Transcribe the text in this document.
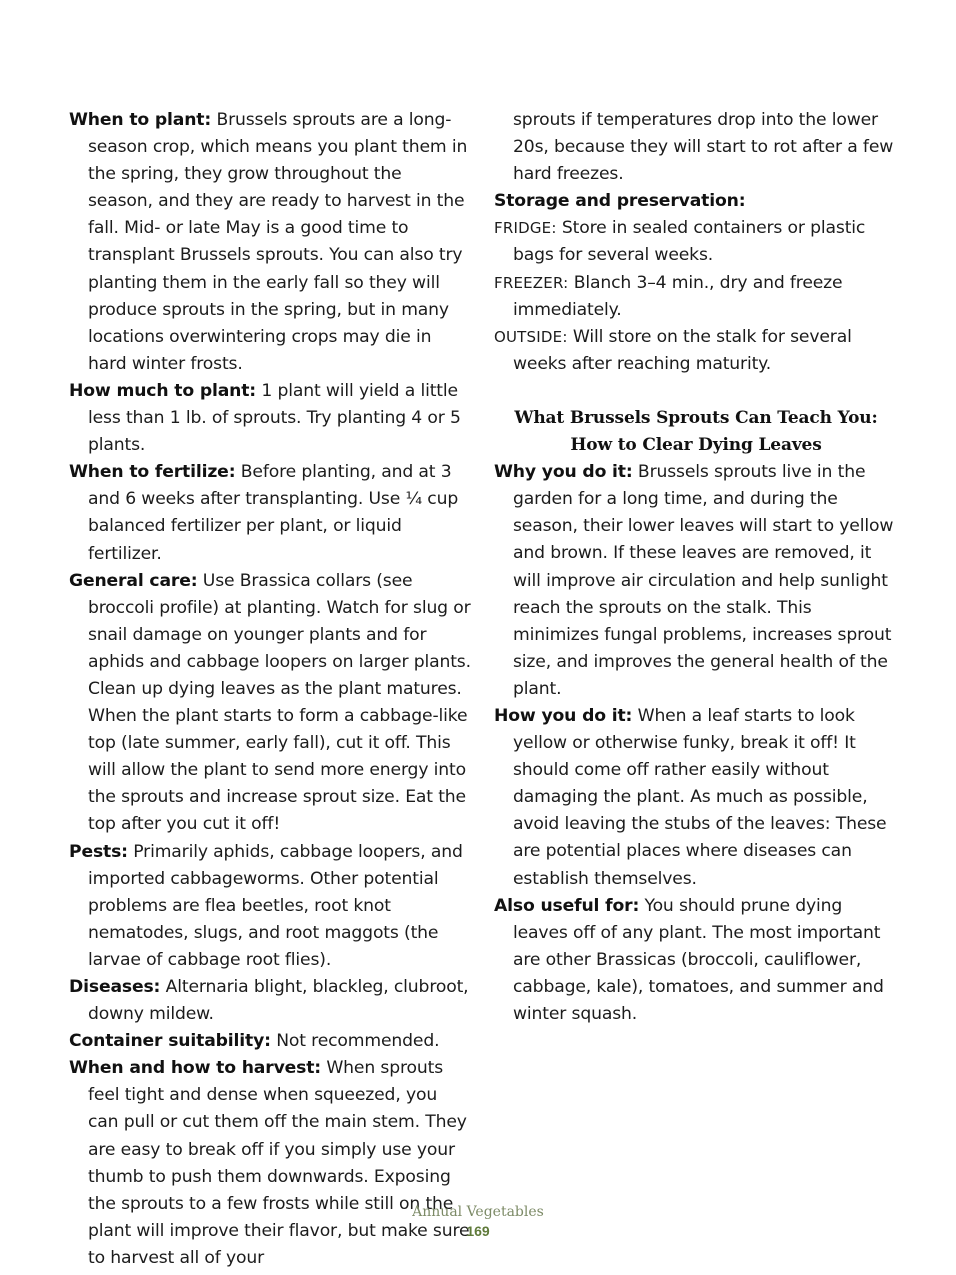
When to plant: Brussels sprouts are a long-season crop, which means you plant them in the spring, they grow throughout the season, and they are ready to harvest in the fall. Mid- or late May is a good time to transplant Brussels sprouts. You can also try planting them in the early fall so they will produce sprouts in the spring, but in many locations overwintering crops may die in hard winter frosts.

How much to plant: 1 plant will yield a little less than 1 lb. of sprouts. Try planting 4 or 5 plants.

When to fertilize: Before planting, and at 3 and 6 weeks after transplanting. Use ¼ cup balanced fertilizer per plant, or liquid fertilizer.

General care: Use Brassica collars (see broccoli profile) at planting. Watch for slug or snail damage on younger plants and for aphids and cabbage loopers on larger plants. Clean up dying leaves as the plant matures. When the plant starts to form a cabbage-like top (late summer, early fall), cut it off. This will allow the plant to send more energy into the sprouts and increase sprout size. Eat the top after you cut it off!

Pests: Primarily aphids, cabbage loopers, and imported cabbageworms. Other potential problems are flea beetles, root knot nematodes, slugs, and root maggots (the larvae of cabbage root flies).

Diseases: Alternaria blight, blackleg, clubroot, downy mildew.

Container suitability: Not recommended.

When and how to harvest: When sprouts feel tight and dense when squeezed, you can pull or cut them off the main stem. They are easy to break off if you simply use your thumb to push them downwards. Exposing the sprouts to a few frosts while still on the plant will improve their flavor, but make sure to harvest all of your

sprouts if temperatures drop into the lower 20s, because they will start to rot after a few hard freezes.

Storage and preservation:

FRIDGE: Store in sealed containers or plastic bags for several weeks.

FREEZER: Blanch 3–4 min., dry and freeze immediately.

OUTSIDE: Will store on the stalk for several weeks after reaching maturity.

What Brussels Sprouts Can Teach You:

How to Clear Dying Leaves

Why you do it: Brussels sprouts live in the garden for a long time, and during the season, their lower leaves will start to yellow and brown. If these leaves are removed, it will improve air circulation and help sunlight reach the sprouts on the stalk. This minimizes fungal problems, increases sprout size, and improves the general health of the plant.

How you do it: When a leaf starts to look yellow or otherwise funky, break it off! It should come off rather easily without damaging the plant. As much as possible, avoid leaving the stubs of the leaves: These are potential places where diseases can establish themselves.

Also useful for: You should prune dying leaves off of any plant. The most important are other Brassicas (broccoli, cauliflower, cabbage, kale), tomatoes, and summer and winter squash.

Annual Vegetables
169
